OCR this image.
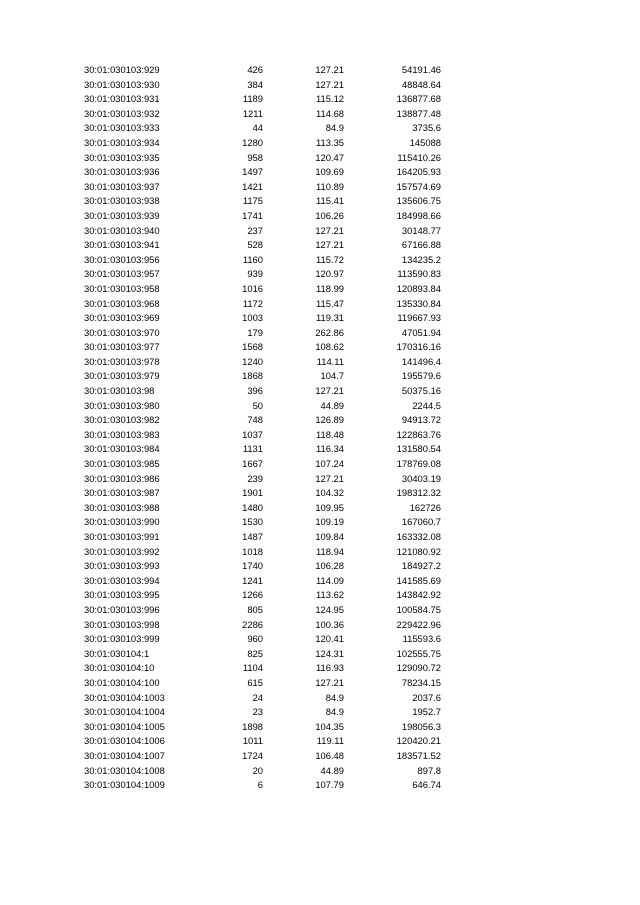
30:01:030103:929	426	127.21	54191.46
30:01:030103:930	384	127.21	48848.64
30:01:030103:931	1189	115.12	136877.68
30:01:030103:932	1211	114.68	138877.48
30:01:030103:933	44	84.9	3735.6
30:01:030103:934	1280	113.35	145088
30:01:030103:935	958	120.47	115410.26
30:01:030103:936	1497	109.69	164205.93
30:01:030103:937	1421	110.89	157574.69
30:01:030103:938	1175	115.41	135606.75
30:01:030103:939	1741	106.26	184998.66
30:01:030103:940	237	127.21	30148.77
30:01:030103:941	528	127.21	67166.88
30:01:030103:956	1160	115.72	134235.2
30:01:030103:957	939	120.97	113590.83
30:01:030103:958	1016	118.99	120893.84
30:01:030103:968	1172	115.47	135330.84
30:01:030103:969	1003	119.31	119667.93
30:01:030103:970	179	262.86	47051.94
30:01:030103:977	1568	108.62	170316.16
30:01:030103:978	1240	114.11	141496.4
30:01:030103:979	1868	104.7	195579.6
30:01:030103:98	396	127.21	50375.16
30:01:030103:980	50	44.89	2244.5
30:01:030103:982	748	126.89	94913.72
30:01:030103:983	1037	118.48	122863.76
30:01:030103:984	1131	116.34	131580.54
30:01:030103:985	1667	107.24	178769.08
30:01:030103:986	239	127.21	30403.19
30:01:030103:987	1901	104.32	198312.32
30:01:030103:988	1480	109.95	162726
30:01:030103:990	1530	109.19	167060.7
30:01:030103:991	1487	109.84	163332.08
30:01:030103:992	1018	118.94	121080.92
30:01:030103:993	1740	106.28	184927.2
30:01:030103:994	1241	114.09	141585.69
30:01:030103:995	1266	113.62	143842.92
30:01:030103:996	805	124.95	100584.75
30:01:030103:998	2286	100.36	229422.96
30:01:030103:999	960	120.41	115593.6
30:01:030104:1	825	124.31	102555.75
30:01:030104:10	1104	116.93	129090.72
30:01:030104:100	615	127.21	78234.15
30:01:030104:1003	24	84.9	2037.6
30:01:030104:1004	23	84.9	1952.7
30:01:030104:1005	1898	104.35	198056.3
30:01:030104:1006	1011	119.11	120420.21
30:01:030104:1007	1724	106.48	183571.52
30:01:030104:1008	20	44.89	897.8
30:01:030104:1009	6	107.79	646.74
